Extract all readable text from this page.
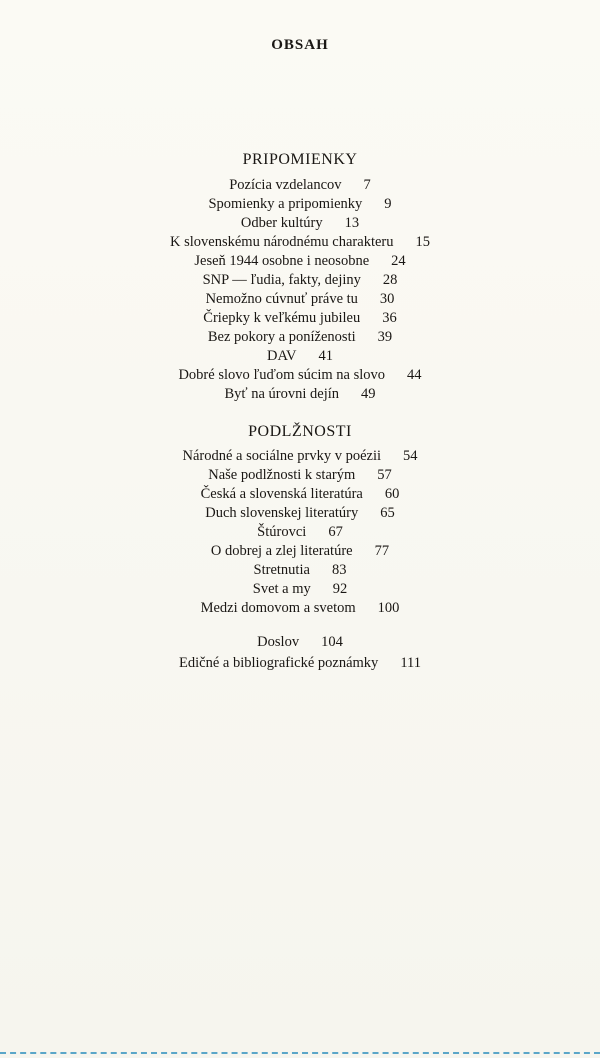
OBSAH
PRIPOMIENKY
Pozícia vzdelancov 7
Spomienky a pripomienky 9
Odber kultúry 13
K slovenskému národnému charakteru 15
Jeseň 1944 osobne i neosobne 24
SNP — ľudia, fakty, dejiny 28
Nemožno cúvnuť práve tu 30
Čriepky k veľkému jubileu 36
Bez pokory a poníženosti 39
DAV 41
Dobré slovo ľuďom súcim na slovo 44
Byť na úrovni dejín 49
PODLŽNOSTI
Národné a sociálne prvky v poézii 54
Naše podlžnosti k starým 57
Česká a slovenská literatúra 60
Duch slovenskej literatúry 65
Štúrovci 67
O dobrej a zlej literatúre 77
Stretnutia 83
Svet a my 92
Medzi domovom a svetom 100
Doslov 104
Edičné a bibliografické poznámky 111
